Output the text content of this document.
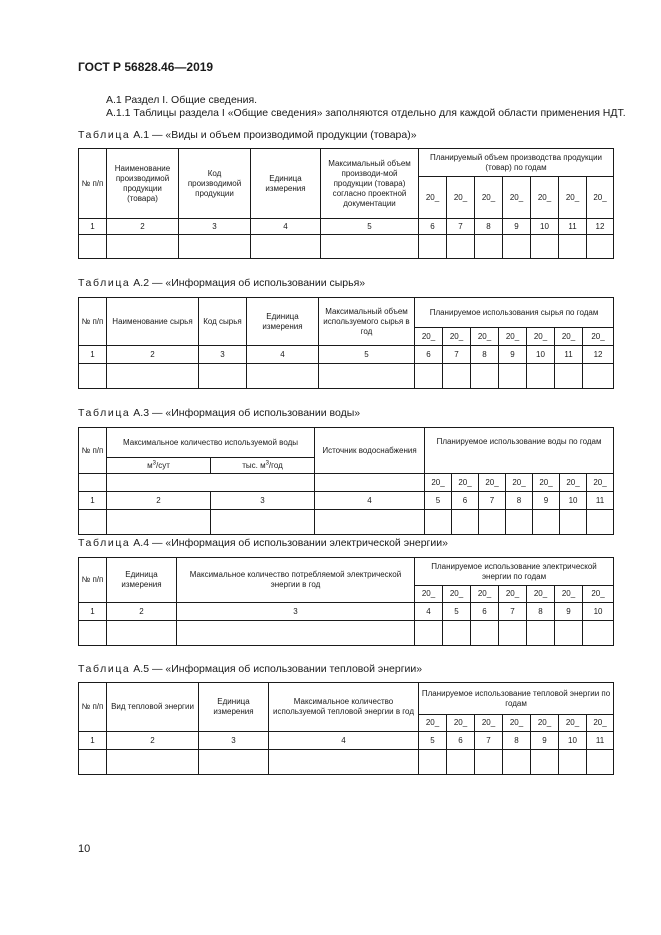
ГОСТ Р 56828.46—2019
А.1 Раздел I. Общие сведения.
А.1.1 Таблицы раздела I «Общие сведения» заполняются отдельно для каждой области применения НДТ.
Таблица А.1 — «Виды и объем производимой продукции (товара)»
№ п/п	Наименование производимой продукции (товара)	Код производимой продукции	Единица измерения	Максимальный объем производи-мой продукции (товара) согласно проектной документации	Планируемый объем производства продукции (товар) по годам						
					20_	20_	20_	20_	20_	20_	20_
1	2	3	4	5	6	7	8	9	10	11	12

Таблица А.2 — «Информация об использовании сырья»
№ п/п	Наименование сырья	Код сырья	Единица измерения	Максимальный объем используемого сырья в год	Планируемое использования сырья по годам						
					20_	20_	20_	20_	20_	20_	20_
1	2	3	4	5	6	7	8	9	10	11	12

Таблица А.3 — «Информация об использовании воды»
№ п/п	Максимальное количество используемой воды		Источник водоснабжения	Планируемое использование воды по годам						
	$м^3$/сут	тыс. $м^3$/год								
				20_	20_	20_	20_	20_	20_	20_
1	2	3	4	5	6	7	8	9	10	11

Таблица А.4 — «Информация об использовании электрической энергии»
№ п/п	Единица измерения	Максимальное количество потребляемой электрической энергии в год	Планируемое использование электрической энергии по годам						
			20_	20_	20_	20_	20_	20_	20_
1	2	3	4	5	6	7	8	9	10

Таблица А.5 — «Информация об использовании тепловой энергии»
№ п/п	Вид тепловой энергии	Единица измерения	Максимальное количество используемой тепловой энергии в год	Планируемое использование тепловой энергии по годам						
				20_	20_	20_	20_	20_	20_	20_
1	2	3	4	5	6	7	8	9	10	11

10
